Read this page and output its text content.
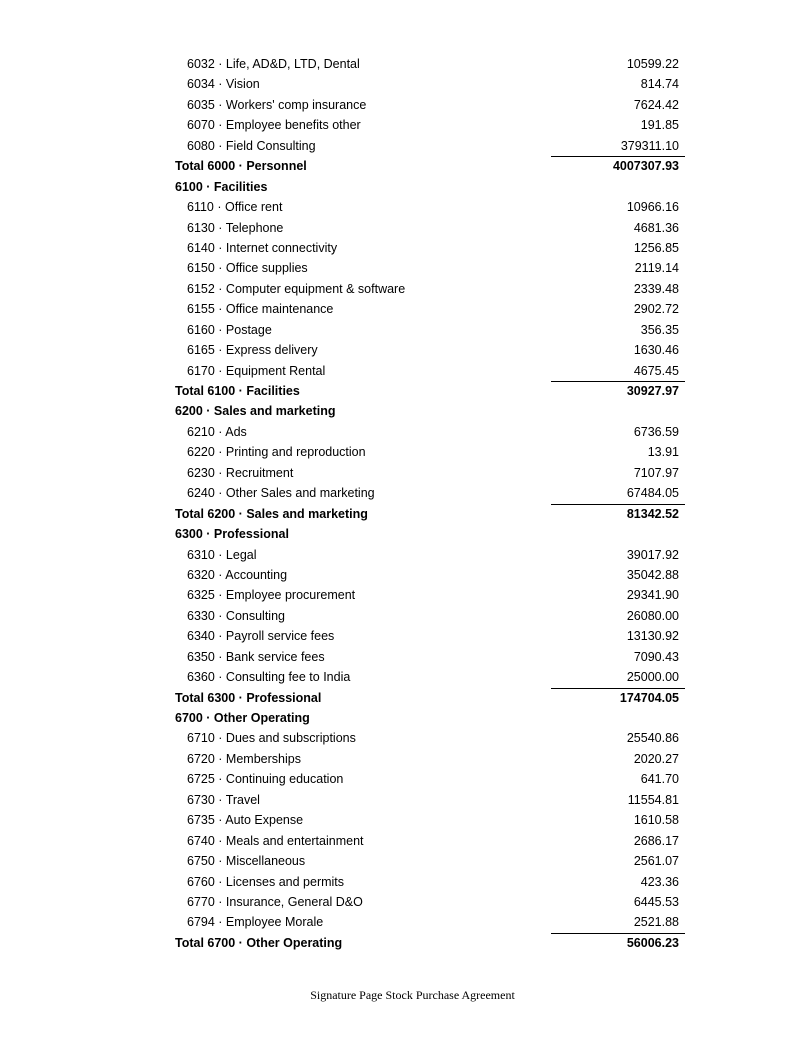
6032 · Life, AD&D, LTD, Dental	10599.22
6034 · Vision	814.74
6035 · Workers' comp insurance	7624.42
6070 · Employee benefits other	191.85
6080 · Field Consulting	379311.10
Total 6000 · Personnel	4007307.93
6100 · Facilities
6110 · Office rent	10966.16
6130 · Telephone	4681.36
6140 · Internet connectivity	1256.85
6150 · Office supplies	2119.14
6152 · Computer equipment & software	2339.48
6155 · Office maintenance	2902.72
6160 · Postage	356.35
6165 · Express delivery	1630.46
6170 · Equipment Rental	4675.45
Total 6100 · Facilities	30927.97
6200 · Sales and marketing
6210 · Ads	6736.59
6220 · Printing and reproduction	13.91
6230 · Recruitment	7107.97
6240 · Other Sales and marketing	67484.05
Total 6200 · Sales and marketing	81342.52
6300 · Professional
6310 · Legal	39017.92
6320 · Accounting	35042.88
6325 · Employee procurement	29341.90
6330 · Consulting	26080.00
6340 · Payroll service fees	13130.92
6350 · Bank service fees	7090.43
6360 · Consulting fee to India	25000.00
Total 6300 · Professional	174704.05
6700 · Other Operating
6710 · Dues and subscriptions	25540.86
6720 · Memberships	2020.27
6725 · Continuing education	641.70
6730 · Travel	11554.81
6735 · Auto Expense	1610.58
6740 · Meals and entertainment	2686.17
6750 · Miscellaneous	2561.07
6760 · Licenses and permits	423.36
6770 · Insurance, General D&O	6445.53
6794 · Employee Morale	2521.88
Total 6700 · Other Operating	56006.23
Signature Page Stock Purchase Agreement
